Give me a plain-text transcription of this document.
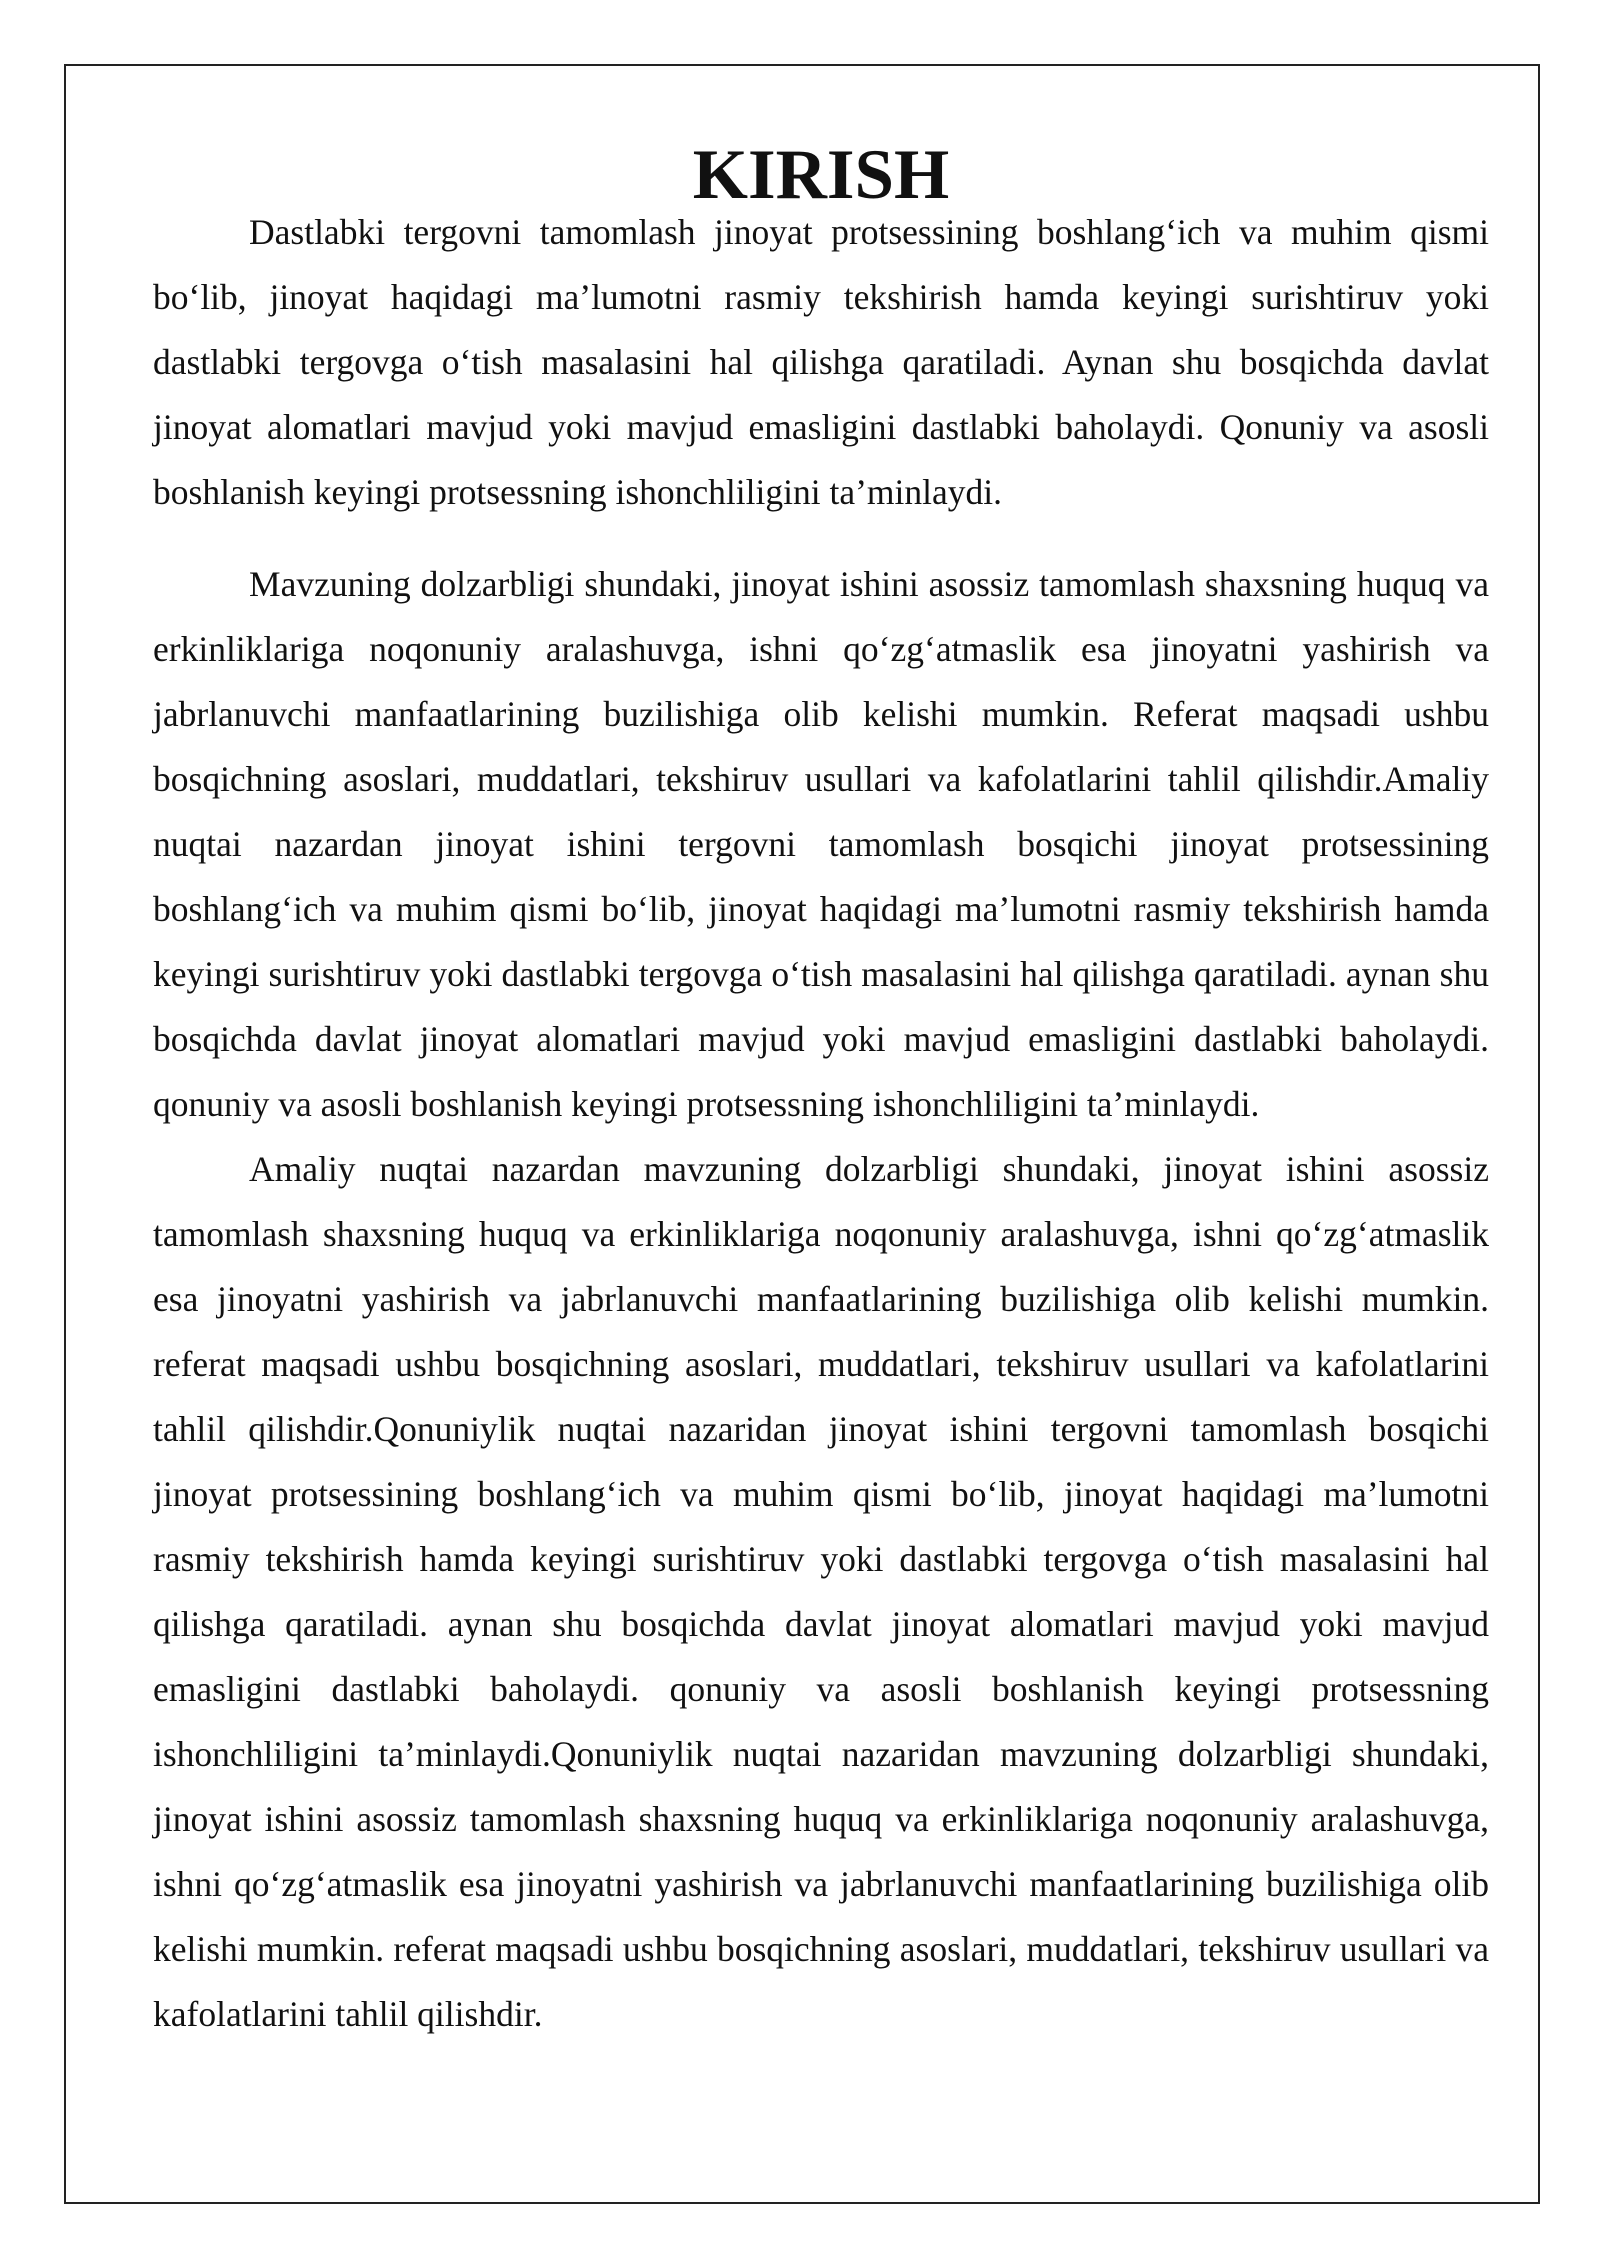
KIRISH

Dastlabki tergovni tamomlash jinoyat protsessining boshlang‘ich va muhim qismi bo‘lib, jinoyat haqidagi ma’lumotni rasmiy tekshirish hamda keyingi surishtiruv yoki dastlabki tergovga o‘tish masalasini hal qilishga qaratiladi. Aynan shu bosqichda davlat jinoyat alomatlari mavjud yoki mavjud emasligini dastlabki baholaydi. Qonuniy va asosli boshlanish keyingi protsessning ishonchliligini ta’minlaydi.

Mavzuning dolzarbligi shundaki, jinoyat ishini asossiz tamomlash shaxsning huquq va erkinliklariga noqonuniy aralashuvga, ishni qo‘zg‘atmaslik esa jinoyatni yashirish va jabrlanuvchi manfaatlarining buzilishiga olib kelishi mumkin. Referat maqsadi ushbu bosqichning asoslari, muddatlari, tekshiruv usullari va kafolatlarini tahlil qilishdir.Amaliy nuqtai nazardan jinoyat ishini tergovni tamomlash bosqichi jinoyat protsessining boshlang‘ich va muhim qismi bo‘lib, jinoyat haqidagi ma’lumotni rasmiy tekshirish hamda keyingi surishtiruv yoki dastlabki tergovga o‘tish masalasini hal qilishga qaratiladi. aynan shu bosqichda davlat jinoyat alomatlari mavjud yoki mavjud emasligini dastlabki baholaydi. qonuniy va asosli boshlanish keyingi protsessning ishonchliligini ta’minlaydi.

Amaliy nuqtai nazardan mavzuning dolzarbligi shundaki, jinoyat ishini asossiz tamomlash shaxsning huquq va erkinliklariga noqonuniy aralashuvga, ishni qo‘zg‘atmaslik esa jinoyatni yashirish va jabrlanuvchi manfaatlarining buzilishiga olib kelishi mumkin. referat maqsadi ushbu bosqichning asoslari, muddatlari, tekshiruv usullari va kafolatlarini tahlil qilishdir.Qonuniylik nuqtai nazaridan jinoyat ishini tergovni tamomlash bosqichi jinoyat protsessining boshlang‘ich va muhim qismi bo‘lib, jinoyat haqidagi ma’lumotni rasmiy tekshirish hamda keyingi surishtiruv yoki dastlabki tergovga o‘tish masalasini hal qilishga qaratiladi. aynan shu bosqichda davlat jinoyat alomatlari mavjud yoki mavjud emasligini dastlabki baholaydi. qonuniy va asosli boshlanish keyingi protsessning ishonchliligini ta’minlaydi.Qonuniylik nuqtai nazaridan mavzuning dolzarbligi shundaki, jinoyat ishini asossiz tamomlash shaxsning huquq va erkinliklariga noqonuniy aralashuvga, ishni qo‘zg‘atmaslik esa jinoyatni yashirish va jabrlanuvchi manfaatlarining buzilishiga olib kelishi mumkin. referat maqsadi ushbu bosqichning asoslari, muddatlari, tekshiruv usullari va kafolatlarini tahlil qilishdir.
